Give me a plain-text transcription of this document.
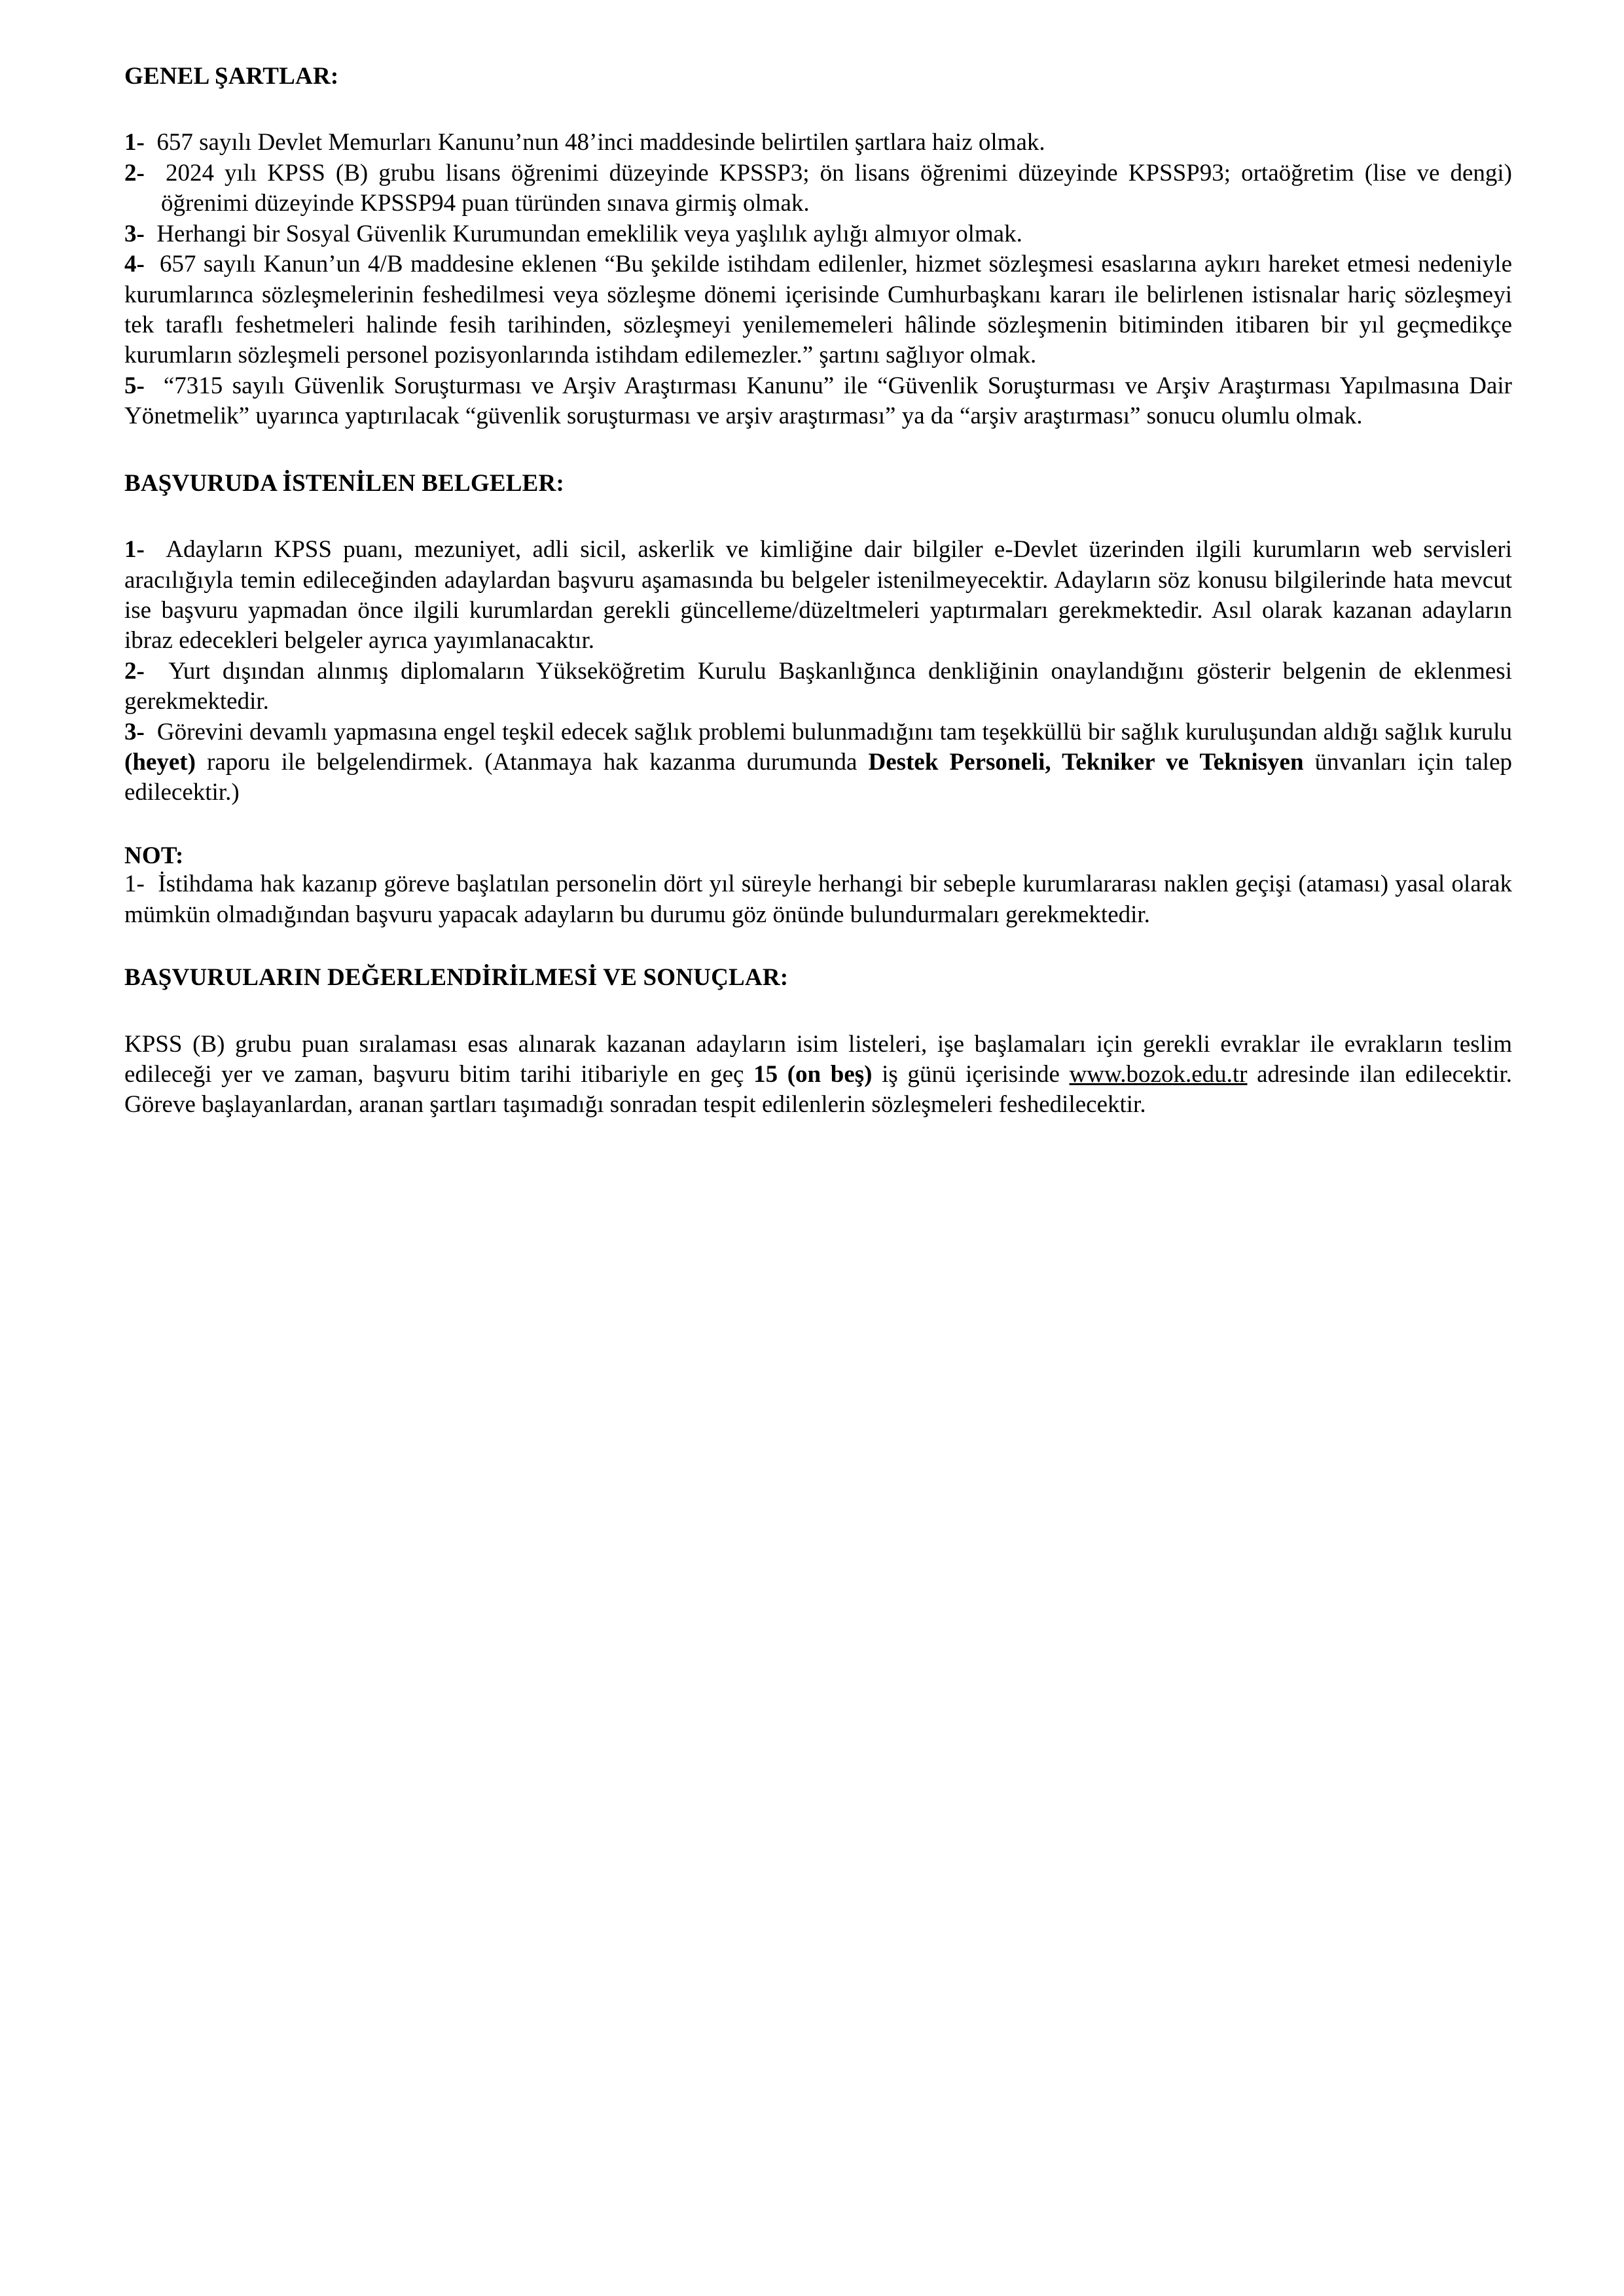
GENEL ŞARTLAR:

1-  657 sayılı Devlet Memurları Kanunu’nun 48’inci maddesinde belirtilen şartlara haiz olmak.

2-  2024 yılı KPSS (B) grubu lisans öğrenimi düzeyinde KPSSP3; ön lisans öğrenimi düzeyinde KPSSP93; ortaöğretim (lise ve dengi) öğrenimi düzeyinde KPSSP94 puan türünden sınava girmiş olmak.

3-  Herhangi bir Sosyal Güvenlik Kurumundan emeklilik veya yaşlılık aylığı almıyor olmak.

4-  657 sayılı Kanun’un 4/B maddesine eklenen “Bu şekilde istihdam edilenler, hizmet sözleşmesi esaslarına aykırı hareket etmesi nedeniyle kurumlarınca sözleşmelerinin feshedilmesi veya sözleşme dönemi içerisinde Cumhurbaşkanı kararı ile belirlenen istisnalar hariç sözleşmeyi tek taraflı feshetmeleri halinde fesih tarihinden, sözleşmeyi yenilememeleri hâlinde sözleşmenin bitiminden itibaren bir yıl geçmedikçe kurumların sözleşmeli personel pozisyonlarında istihdam edilemezler.” şartını sağlıyor olmak.

5-  “7315 sayılı Güvenlik Soruşturması ve Arşiv Araştırması Kanunu” ile “Güvenlik Soruşturması ve Arşiv Araştırması Yapılmasına Dair Yönetmelik” uyarınca yaptırılacak “güvenlik soruşturması ve arşiv araştırması” ya da “arşiv araştırması” sonucu olumlu olmak.

BAŞVURUDA İSTENİLEN BELGELER:

1-  Adayların KPSS puanı, mezuniyet, adli sicil, askerlik ve kimliğine dair bilgiler e-Devlet üzerinden ilgili kurumların web servisleri aracılığıyla temin edileceğinden adaylardan başvuru aşamasında bu belgeler istenilmeyecektir. Adayların söz konusu bilgilerinde hata mevcut ise başvuru yapmadan önce ilgili kurumlardan gerekli güncelleme/düzeltmeleri yaptırmaları gerekmektedir. Asıl olarak kazanan adayların ibraz edecekleri belgeler ayrıca yayımlanacaktır.

2-  Yurt dışından alınmış diplomaların Yükseköğretim Kurulu Başkanlığınca denkliğinin onaylandığını gösterir belgenin de eklenmesi gerekmektedir.

3-  Görevini devamlı yapmasına engel teşkil edecek sağlık problemi bulunmadığını tam teşekküllü bir sağlık kuruluşundan aldığı sağlık kurulu (heyet) raporu ile belgelendirmek. (Atanmaya hak kazanma durumunda Destek Personeli, Tekniker ve Teknisyen ünvanları için talep edilecektir.)

NOT:

1-  İstihdama hak kazanıp göreve başlatılan personelin dört yıl süreyle herhangi bir sebeple kurumlararası naklen geçişi (ataması) yasal olarak mümkün olmadığından başvuru yapacak adayların bu durumu göz önünde bulundurmaları gerekmektedir.

BAŞVURULARIN DEĞERLENDİRİLMESİ VE SONUÇLAR:

KPSS (B) grubu puan sıralaması esas alınarak kazanan adayların isim listeleri, işe başlamaları için gerekli evraklar ile evrakların teslim edileceği yer ve zaman, başvuru bitim tarihi itibariyle en geç 15 (on beş) iş günü içerisinde www.bozok.edu.tr adresinde ilan edilecektir. Göreve başlayanlardan, aranan şartları taşımadığı sonradan tespit edilenlerin sözleşmeleri feshedilecektir.
